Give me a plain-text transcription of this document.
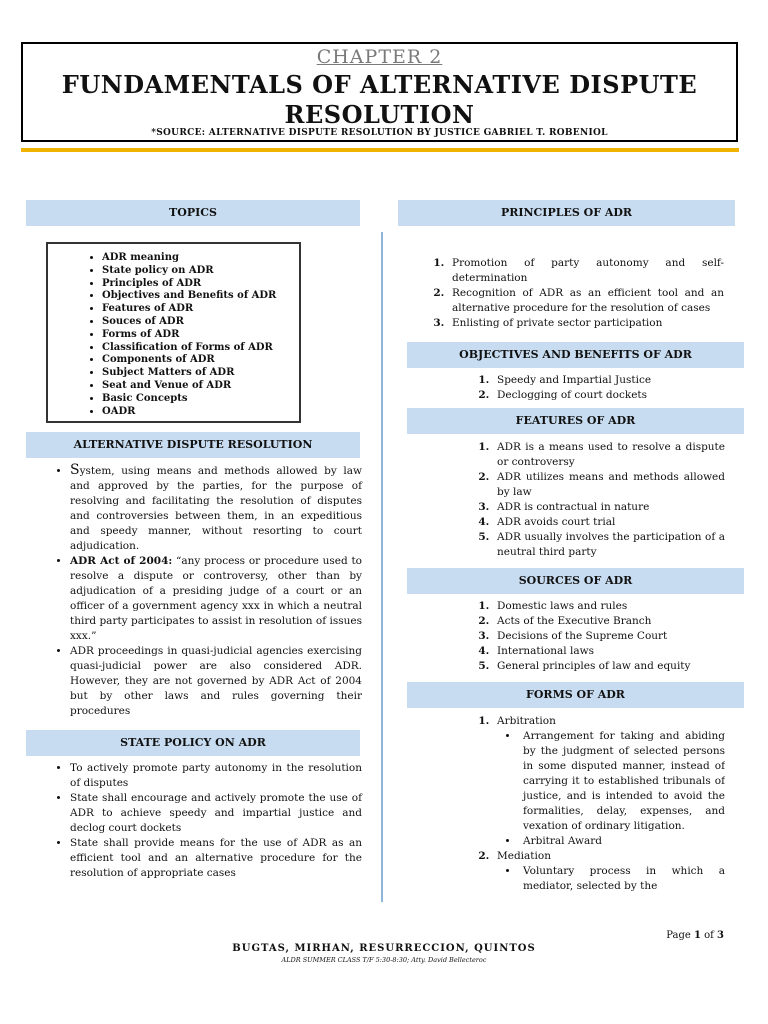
CHAPTER 2
FUNDAMENTALS OF ALTERNATIVE DISPUTE
RESOLUTION
*SOURCE: ALTERNATIVE DISPUTE RESOLUTION BY JUSTICE GABRIEL T. ROBENIOL
TOPICS
• ADR meaning
• State policy on ADR
• Principles of ADR
• Objectives and Benefits of ADR
• Features of ADR
• Souces of ADR
• Forms of ADR
• Classification of Forms of ADR
• Components of ADR
• Subject Matters of ADR
• Seat and Venue of ADR
• Basic Concepts
• OADR
ALTERNATIVE DISPUTE RESOLUTION
• System, using means and methods allowed by law and approved by the parties, for the purpose of resolving and facilitating the resolution of disputes and controversies between them, in an expeditious and speedy manner, without resorting to court adjudication.
• ADR Act of 2004: “any process or procedure used to resolve a dispute or controversy, other than by adjudication of a presiding judge of a court or an officer of a government agency xxx in which a neutral third party participates to assist in resolution of issues xxx.”
• ADR proceedings in quasi-judicial agencies exercising quasi-judicial power are also considered ADR. However, they are not governed by ADR Act of 2004 but by other laws and rules governing their procedures
STATE POLICY ON ADR
• To actively promote party autonomy in the resolution of disputes
• State shall encourage and actively promote the use of ADR to achieve speedy and impartial justice and declog court dockets
• State shall provide means for the use of ADR as an efficient tool and an alternative procedure for the resolution of appropriate cases
PRINCIPLES OF ADR
1. Promotion of party autonomy and self-determination
2. Recognition of ADR as an efficient tool and an alternative procedure for the resolution of cases
3. Enlisting of private sector participation
OBJECTIVES AND BENEFITS OF ADR
1. Speedy and Impartial Justice
2. Declogging of court dockets
FEATURES OF ADR
1. ADR is a means used to resolve a dispute or controversy
2. ADR utilizes means and methods allowed by law
3. ADR is contractual in nature
4. ADR avoids court trial
5. ADR usually involves the participation of a neutral third party
SOURCES OF ADR
1. Domestic laws and rules
2. Acts of the Executive Branch
3. Decisions of the Supreme Court
4. International laws
5. General principles of law and equity
FORMS OF ADR
1. Arbitration
• Arrangement for taking and abiding by the judgment of selected persons in some disputed manner, instead of carrying it to established tribunals of justice, and is intended to avoid the formalities, delay, expenses, and vexation of ordinary litigation.
• Arbitral Award
2. Mediation
• Voluntary process in which a mediator, selected by the
Page 1 of 3
BUGTAS, MIRHAN, RESURRECCION, QUINTOS
ALDR SUMMER CLASS T/F 5:30-8:30; Atty. David Bellecteroc
